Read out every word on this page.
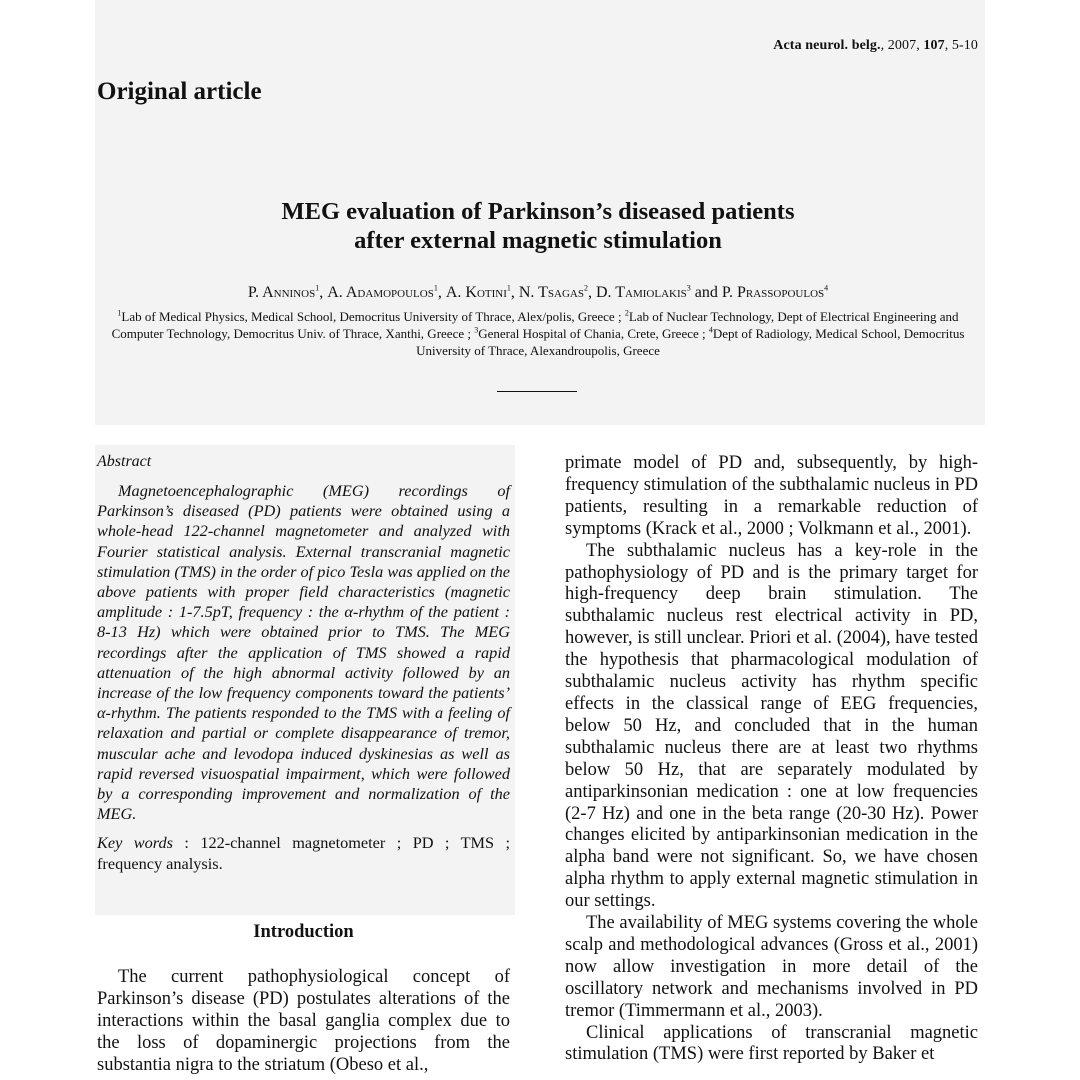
Acta neurol. belg., 2007, 107, 5-10
Original article
MEG evaluation of Parkinson’s diseased patients
after external magnetic stimulation
P. Anninos$^1$, A. Adamopoulos$^1$, A. Kotini$^1$, N. Tsagas$^2$, D. Tamiolakis$^3$ and P. Prassopoulos$^4$
$^1$Lab of Medical Physics, Medical School, Democritus University of Thrace, Alex/polis, Greece ; $^2$Lab of Nuclear Technology, Dept of Electrical Engineering and Computer Technology, Democritus Univ. of Thrace, Xanthi, Greece ; $^3$General Hospital of Chania, Crete, Greece ; $^4$Dept of Radiology, Medical School, Democritus University of Thrace, Alexandroupolis, Greece
Abstract

Magnetoencephalographic (MEG) recordings of Parkinson’s diseased (PD) patients were obtained using a whole-head 122-channel magnetometer and analyzed with Fourier statistical analysis. External transcranial magnetic stimulation (TMS) in the order of pico Tesla was applied on the above patients with proper field characteristics (magnetic amplitude : 1-7.5pT, frequency : the α-rhythm of the patient : 8-13 Hz) which were obtained prior to TMS. The MEG recordings after the application of TMS showed a rapid attenuation of the high abnormal activity followed by an increase of the low frequency components toward the patients’ α-rhythm. The patients responded to the TMS with a feeling of relaxation and partial or complete disappearance of tremor, muscular ache and levodopa induced dyskinesias as well as rapid reversed visuospatial impairment, which were followed by a corresponding improvement and normalization of the MEG.

Key words : 122-channel magnetometer ; PD ; TMS ; frequency analysis.

Introduction

The current pathophysiological concept of Parkinson’s disease (PD) postulates alterations of the interactions within the basal ganglia complex due to the loss of dopaminergic projections from the substantia nigra to the striatum (Obeso et al.,

primate model of PD and, subsequently, by high-frequency stimulation of the subthalamic nucleus in PD patients, resulting in a remarkable reduction of symptoms (Krack et al., 2000 ; Volkmann et al., 2001).

The subthalamic nucleus has a key-role in the pathophysiology of PD and is the primary target for high-frequency deep brain stimulation. The subthalamic nucleus rest electrical activity in PD, however, is still unclear. Priori et al. (2004), have tested the hypothesis that pharmacological modulation of subthalamic nucleus activity has rhythm specific effects in the classical range of EEG frequencies, below 50 Hz, and concluded that in the human subthalamic nucleus there are at least two rhythms below 50 Hz, that are separately modulated by antiparkinsonian medication : one at low frequencies (2-7 Hz) and one in the beta range (20-30 Hz). Power changes elicited by antiparkinsonian medication in the alpha band were not significant. So, we have chosen alpha rhythm to apply external magnetic stimulation in our settings.

The availability of MEG systems covering the whole scalp and methodological advances (Gross et al., 2001) now allow investigation in more detail of the oscillatory network and mechanisms involved in PD tremor (Timmermann et al., 2003).

Clinical applications of transcranial magnetic stimulation (TMS) were first reported by Baker et
